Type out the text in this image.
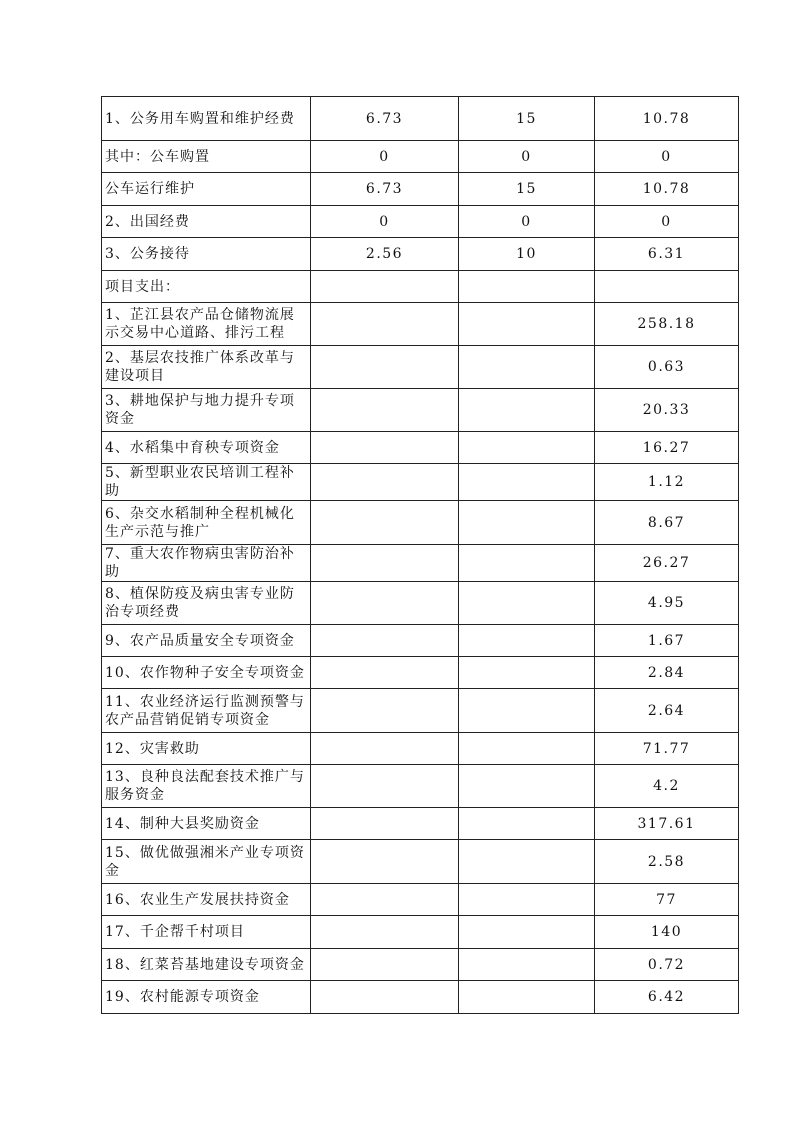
1、公务用车购置和维护经费	6.73	15	10.78
其中：公车购置	0	0	0
公车运行维护	6.73	15	10.78
2、出国经费	0	0	0
3、公务接待	2.56	10	6.31
项目支出：			
1、芷江县农产品仓储物流展示交易中心道路、排污工程			258.18
2、基层农技推广体系改革与建设项目			0.63
3、耕地保护与地力提升专项资金			20.33
4、水稻集中育秧专项资金			16.27
5、新型职业农民培训工程补助			1.12
6、杂交水稻制种全程机械化生产示范与推广			8.67
7、重大农作物病虫害防治补助			26.27
8、植保防疫及病虫害专业防治专项经费			4.95
9、农产品质量安全专项资金			1.67
10、农作物种子安全专项资金			2.84
11、农业经济运行监测预警与农产品营销促销专项资金			2.64
12、灾害救助			71.77
13、良种良法配套技术推广与服务资金			4.2
14、制种大县奖励资金			317.61
15、做优做强湘米产业专项资金			2.58
16、农业生产发展扶持资金			77
17、千企帮千村项目			140
18、红菜苔基地建设专项资金			0.72
19、农村能源专项资金			6.42
